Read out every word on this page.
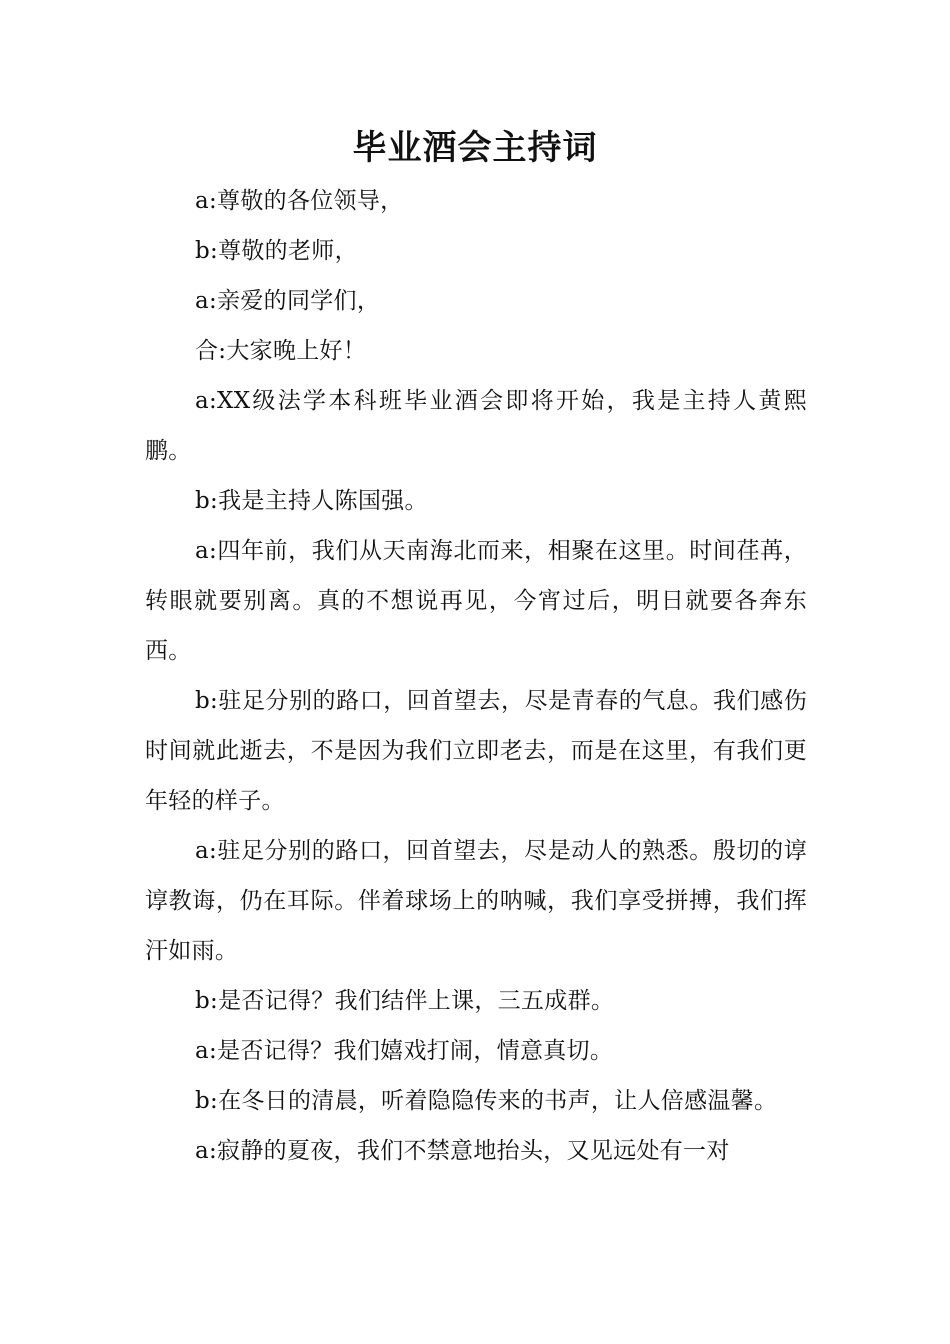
毕业酒会主持词

a:尊敬的各位领导，

b:尊敬的老师，

a:亲爱的同学们，

合:大家晚上好！

a:XX级法学本科班毕业酒会即将开始，我是主持人黄熙鹏。

b:我是主持人陈国强。

a:四年前，我们从天南海北而来，相聚在这里。时间荏苒，转眼就要别离。真的不想说再见，今宵过后，明日就要各奔东西。

b:驻足分别的路口，回首望去，尽是青春的气息。我们感伤时间就此逝去，不是因为我们立即老去，而是在这里，有我们更年轻的样子。

a:驻足分别的路口，回首望去，尽是动人的熟悉。殷切的谆谆教诲，仍在耳际。伴着球场上的呐喊，我们享受拼搏，我们挥汗如雨。

b:是否记得？我们结伴上课，三五成群。

a:是否记得？我们嬉戏打闹，情意真切。

b:在冬日的清晨，听着隐隐传来的书声，让人倍感温馨。

a:寂静的夏夜，我们不禁意地抬头，又见远处有一对
